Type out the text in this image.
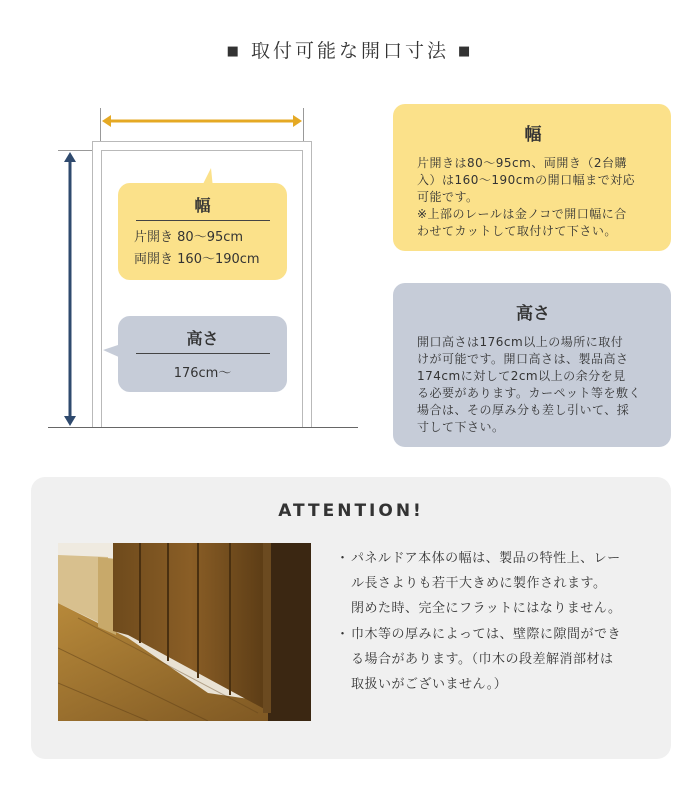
■ 取付可能な開口寸法 ■
幅
片開き 80～95cm
両開き 160～190cm
高さ
176cm～
幅
片開きは80～95cm、両開き（2台購
入）は160～190cmの開口幅まで対応
可能です。
※上部のレールは金ノコで開口幅に合
わせてカットして取付けて下さい。
高さ
開口高さは176cm以上の場所に取付
けが可能です。開口高さは、製品高さ
174cmに対して2cm以上の余分を見
る必要があります。カーペット等を敷く
場合は、その厚み分も差し引いて、採
寸して下さい。
ATTENTION!
・ パネルドア本体の幅は、製品の特性上、レー
ル長さよりも若干大きめに製作されます。
閉めた時、完全にフラットにはなりません。
・ 巾木等の厚みによっては、壁際に隙間ができ
る場合があります。（巾木の段差解消部材は
取扱いがございません。）
